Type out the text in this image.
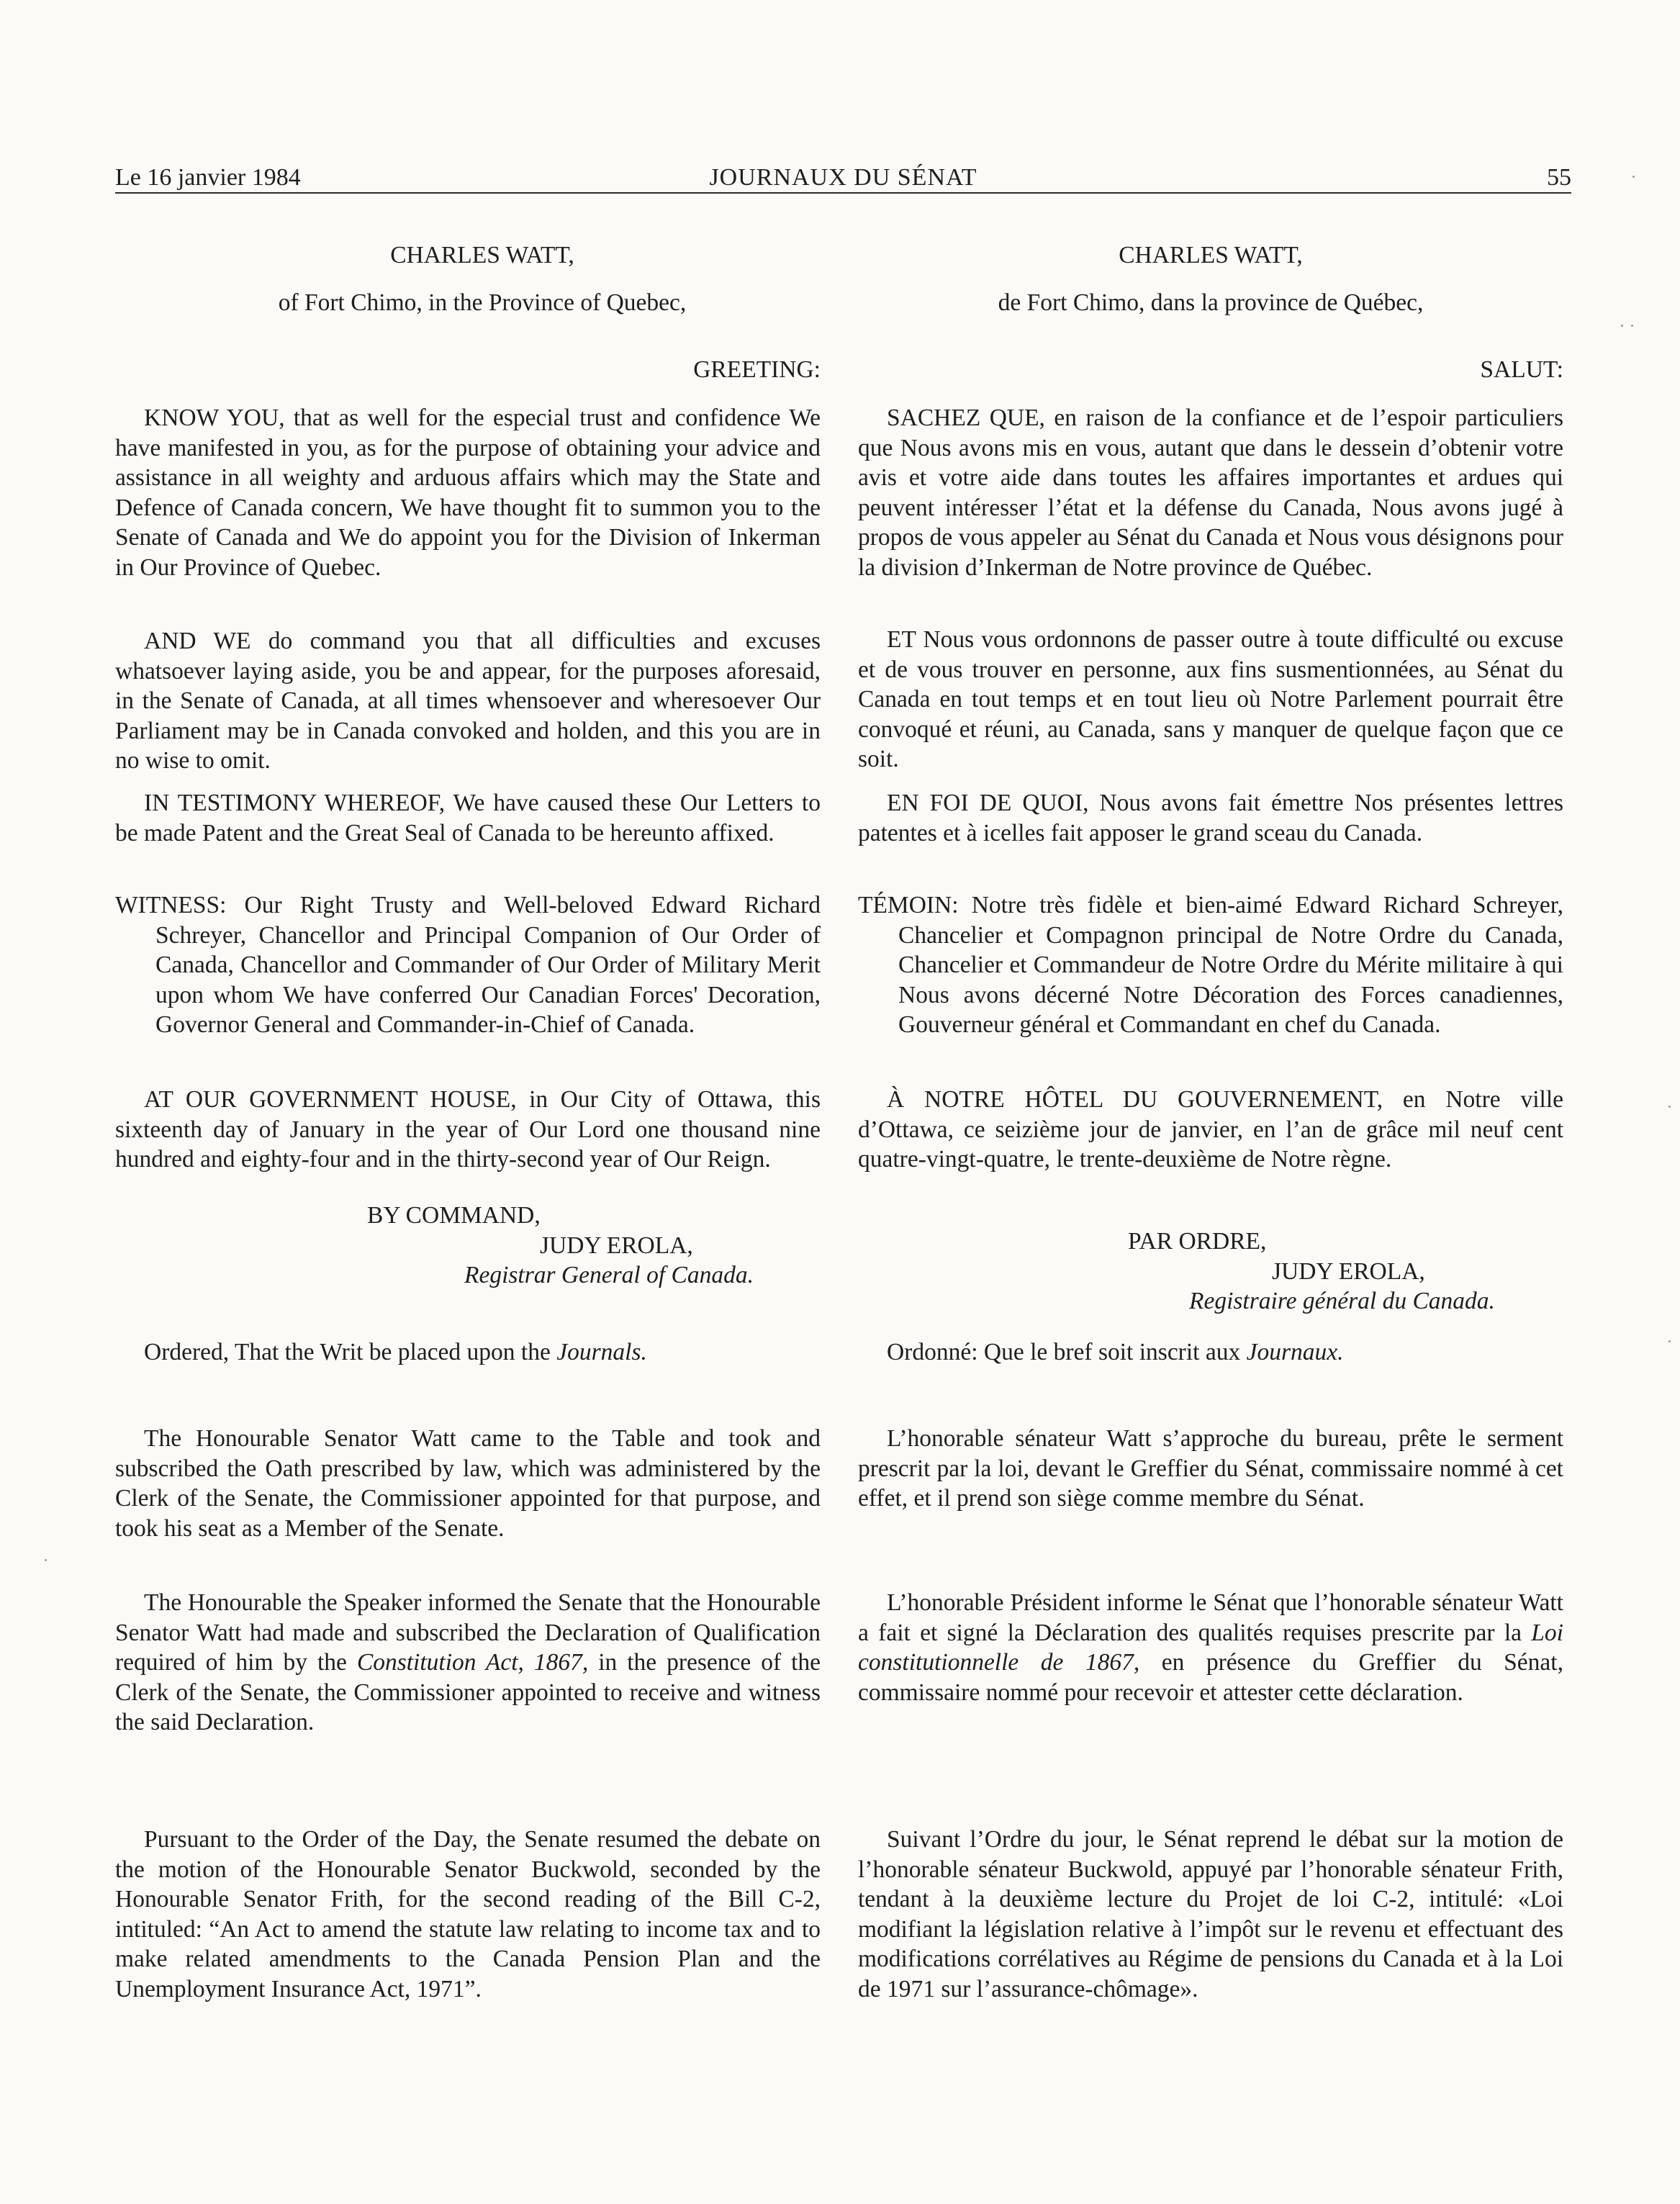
Le 16 janvier 1984	JOURNAUX DU SÉNAT	55

CHARLES WATT,

of Fort Chimo, in the Province of Quebec,

GREETING:

KNOW YOU, that as well for the especial trust and confidence We have manifested in you, as for the purpose of obtaining your advice and assistance in all weighty and arduous affairs which may the State and Defence of Canada concern, We have thought fit to summon you to the Senate of Canada and We do appoint you for the Division of Inkerman in Our Province of Quebec.

AND WE do command you that all difficulties and excuses whatsoever laying aside, you be and appear, for the purposes aforesaid, in the Senate of Canada, at all times whensoever and wheresoever Our Parliament may be in Canada convoked and holden, and this you are in no wise to omit.

IN TESTIMONY WHEREOF, We have caused these Our Letters to be made Patent and the Great Seal of Canada to be hereunto affixed.

WITNESS: Our Right Trusty and Well-beloved Edward Richard Schreyer, Chancellor and Principal Companion of Our Order of Canada, Chancellor and Commander of Our Order of Military Merit upon whom We have conferred Our Canadian Forces' Decoration, Governor General and Commander-in-Chief of Canada.

AT OUR GOVERNMENT HOUSE, in Our City of Ottawa, this sixteenth day of January in the year of Our Lord one thousand nine hundred and eighty-four and in the thirty-second year of Our Reign.

BY COMMAND,

JUDY EROLA,

Registrar General of Canada.

Ordered, That the Writ be placed upon the Journals.

The Honourable Senator Watt came to the Table and took and subscribed the Oath prescribed by law, which was administered by the Clerk of the Senate, the Commissioner appointed for that purpose, and took his seat as a Member of the Senate.

The Honourable the Speaker informed the Senate that the Honourable Senator Watt had made and subscribed the Declaration of Qualification required of him by the Constitution Act, 1867, in the presence of the Clerk of the Senate, the Commissioner appointed to receive and witness the said Declaration.

Pursuant to the Order of the Day, the Senate resumed the debate on the motion of the Honourable Senator Buckwold, seconded by the Honourable Senator Frith, for the second reading of the Bill C-2, intituled: “An Act to amend the statute law relating to income tax and to make related amendments to the Canada Pension Plan and the Unemployment Insurance Act, 1971”.

CHARLES WATT,

de Fort Chimo, dans la province de Québec,

SALUT:

SACHEZ QUE, en raison de la confiance et de l’espoir particuliers que Nous avons mis en vous, autant que dans le dessein d’obtenir votre avis et votre aide dans toutes les affaires importantes et ardues qui peuvent intéresser l’état et la défense du Canada, Nous avons jugé à propos de vous appeler au Sénat du Canada et Nous vous désignons pour la division d’Inkerman de Notre province de Québec.

ET Nous vous ordonnons de passer outre à toute difficulté ou excuse et de vous trouver en personne, aux fins susmentionnées, au Sénat du Canada en tout temps et en tout lieu où Notre Parlement pourrait être convoqué et réuni, au Canada, sans y manquer de quelque façon que ce soit.

EN FOI DE QUOI, Nous avons fait émettre Nos présentes lettres patentes et à icelles fait apposer le grand sceau du Canada.

TÉMOIN: Notre très fidèle et bien-aimé Edward Richard Schreyer, Chancelier et Compagnon principal de Notre Ordre du Canada, Chancelier et Commandeur de Notre Ordre du Mérite militaire à qui Nous avons décerné Notre Décoration des Forces canadiennes, Gouverneur général et Commandant en chef du Canada.

À NOTRE HÔTEL DU GOUVERNEMENT, en Notre ville d’Ottawa, ce seizième jour de janvier, en l’an de grâce mil neuf cent quatre-vingt-quatre, le trente-deuxième de Notre règne.

PAR ORDRE,

JUDY EROLA,

Registraire général du Canada.

Ordonné: Que le bref soit inscrit aux Journaux.

L’honorable sénateur Watt s’approche du bureau, prête le serment prescrit par la loi, devant le Greffier du Sénat, commissaire nommé à cet effet, et il prend son siège comme membre du Sénat.

L’honorable Président informe le Sénat que l’honorable sénateur Watt a fait et signé la Déclaration des qualités requises prescrite par la Loi constitutionnelle de 1867, en présence du Greffier du Sénat, commissaire nommé pour recevoir et attester cette déclaration.

Suivant l’Ordre du jour, le Sénat reprend le débat sur la motion de l’honorable sénateur Buckwold, appuyé par l’honorable sénateur Frith, tendant à la deuxième lecture du Projet de loi C-2, intitulé: «Loi modifiant la législation relative à l’impôt sur le revenu et effectuant des modifications corrélatives au Régime de pensions du Canada et à la Loi de 1971 sur l’assurance-chômage».
